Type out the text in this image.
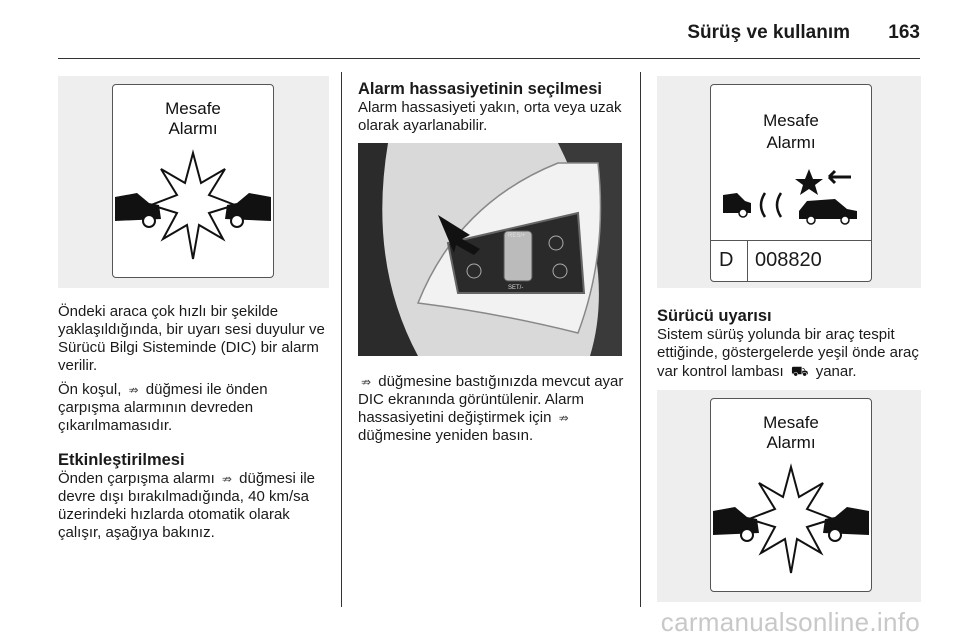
Sürüş ve kullanım 163
Mesafe
Alarmı

Öndeki araca çok hızlı bir şekilde yaklaşıldığında, bir uyarı sesi duyulur ve Sürücü Bilgi Sisteminde (DIC) bir alarm verilir.

Ön koşul, ⇏ düğmesi ile önden çarpışma alarmının devreden çıkarılmamasıdır.

Etkinleştirilmesi

Önden çarpışma alarmı ⇏ düğmesi ile devre dışı bırakılmadığında, 40 km/sa üzerindeki hızlarda otomatik olarak çalışır, aşağıya bakınız.

Alarm hassasiyetinin seçilmesi

Alarm hassasiyeti yakın, orta veya uzak olarak ayarlanabilir.

RES/+
SET/-

⇏ düğmesine bastığınızda mevcut ayar DIC ekranında görüntülenir. Alarm hassasiyetini değiştirmek için ⇏ düğmesine yeniden basın.

Mesafe
Alarmı
D 008820
Sürücü uyarısı

Sistem sürüş yolunda bir araç tespit ettiğinde, göstergelerde yeşil önde araç var kontrol lambası ⛟ yanar.

Mesafe
Alarmı
carmanualsonline.info
